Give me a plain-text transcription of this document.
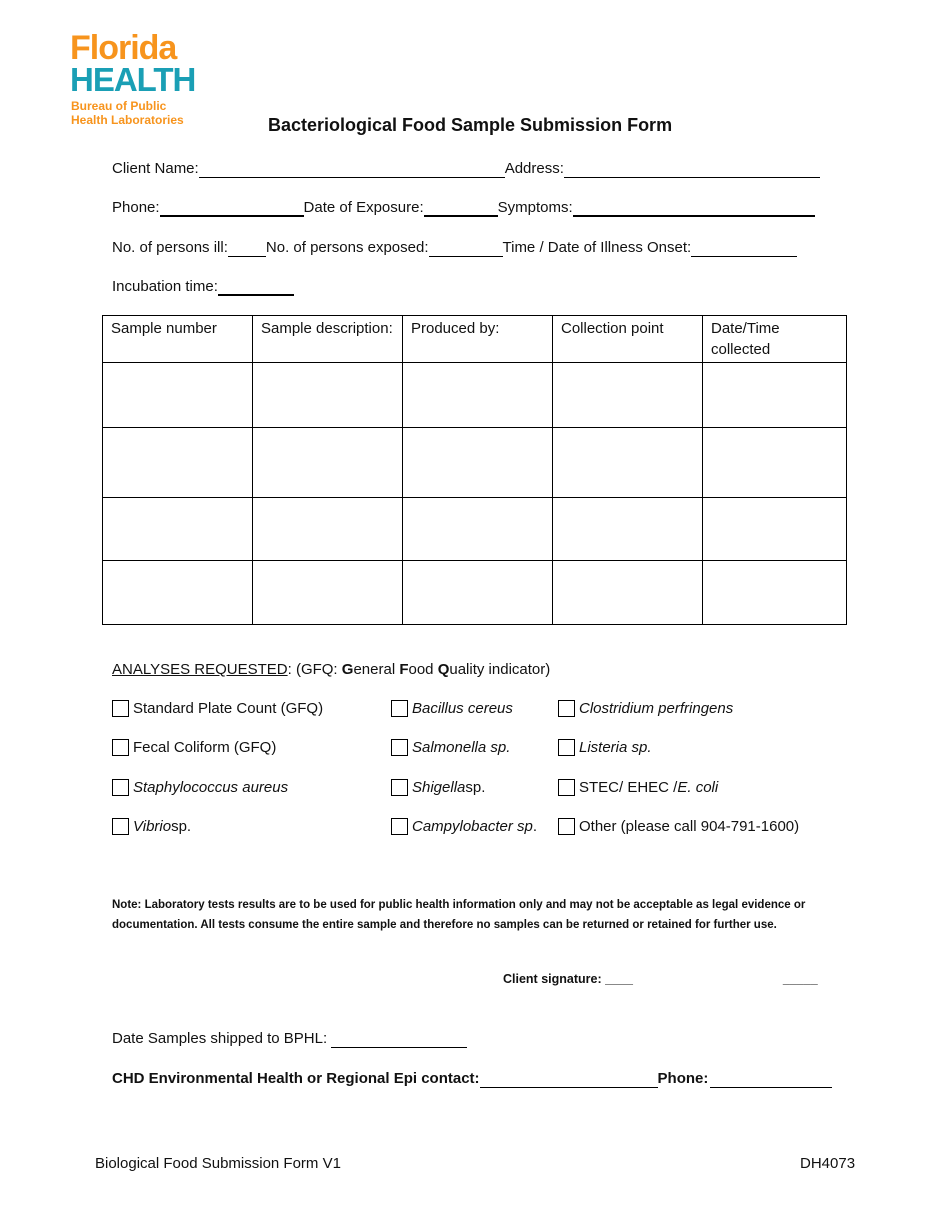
Florida
HEALTH
Bureau of Public
Health Laboratories	Bacteriological Food Sample Submission Form
Client Name:	Address:
Phone:	Date of Exposure:	Symptoms:
No. of persons ill:	No. of persons exposed:	Time / Date of Illness Onset:
Incubation time:
Sample number	Sample description:	Produced by:	Collection point	Date/Time collected

ANALYSES REQUESTED: (GFQ: General Food Quality indicator)
Standard Plate Count (GFQ)
Fecal Coliform (GFQ)
Staphylococcus aureus
Vibrio sp.
Bacillus cereus
Salmonella sp.
Shigella sp.
Campylobacter sp .
Clostridium perfringens
Listeria sp.
STEC/ EHEC / E. coli
Other (please call 904-791-1600)
Note: Laboratory tests results are to be used for public health information only and may not be acceptable as legal evidence or documentation. All tests consume the entire sample and therefore no samples can be returned or retained for further use.
Client signature: ____	_____
Date Samples shipped to BPHL:
CHD Environmental Health or Regional Epi contact:	Phone:
Biological Food Submission Form V1	DH4073
